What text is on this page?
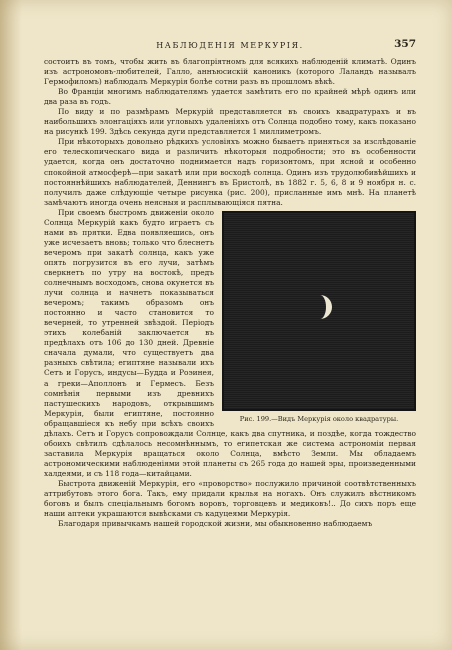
НАБЛЮДЕНІЯ МЕРКУРІЯ.	357

состоитъ въ томъ, чтобы жить въ благопріятномъ для всякихъ наблюденій климатѣ. Одинъ изъ астрономовъ-любителей, Галло, аннъюсискій каноникъ (которого Лаландъ называлъ Гермофиломъ) наблюдалъ Меркурія болѣе сотни разъ въ прошломъ вѣкѣ.

Во Франціи многимъ наблюдателямъ удается замѣтить его по крайней мѣрѣ одинъ или два раза въ годъ.

По виду и по размѣрамъ Меркурій представляется въ своихъ квадратурахъ и въ наибольшихъ элонгаціяхъ или угловыхъ удаленіяхъ отъ Солнца подобно тому, какъ показано на рисункѣ 199. Здѣсь секунда дуги представляется 1 миллиметромъ.

При нѣкоторыхъ довольно рѣдкихъ условіяхъ можно бываетъ приняться за изслѣдованіе его телескопическаго вида и различить нѣкоторыя подробности; это въ особенности удается, когда онъ достаточно поднимается надъ горизонтомъ, при ясной и особенно спокойной атмосферѣ—при закатѣ или при восходѣ солнца. Одинъ изъ трудолюбивѣйшихъ и постояннѣйшихъ наблюдателей, Деннингъ въ Бристолѣ, въ 1882 г. 5, 6, 8 и 9 ноября н. с. получилъ даже слѣдующіе четыре рисунка (рис. 200), присланные имъ мнѣ. На планетѣ замѣчаютъ иногда очень неясныя и расплывающіяся пятна.

Рис. 199.—Видъ Меркурія около квадратуры.

При своемъ быстромъ движеніи около Солнца Меркурій какъ будто играетъ съ нами въ прятки. Едва появляешись, онъ уже исчезаетъ вновь; только что блеснетъ вечеромъ при закатѣ солнца, какъ уже опять погрузится въ его лучи, затѣмъ сверкнетъ по утру на востокѣ, предъ солнечнымъ восходомъ, снова окунется въ лучи солнца и начнетъ показываться вечеромъ; такимъ образомъ онъ постоянно и часто становится то вечерней, то утренней звѣздой. Періодъ этихъ колебаній заключается въ предѣлахъ отъ 106 до 130 дней. Древніе сначала думали, что существуетъ два разныхъ свѣтила; египтяне называли ихъ Сетъ и Горусъ, индусы—Будда и Роэинея, а греки—Аполлонъ и Гермесъ. Безъ сомнѣнія первыми изъ древнихъ пастушескихъ народовъ, открывшимъ Меркурія, были египтяне, постоянно обращавшіеся къ небу при всѣхъ своихъ дѣлахъ. Сетъ и Горусъ сопровождали Солнце, какъ два спутника, и поздѣе, когда тождество обоихъ свѣтилъ сдѣлалось несомнѣннымъ, то египетская же система астрономіи первая заставила Меркурія вращаться около Солнца, вмѣсто Земли. Мы обладаемъ астрономическими наблюденіями этой планеты съ 265 года до нашей эры, произведенными халдеями, и съ 118 года—китайцами.

Быстрота движеній Меркурія, его «проворство» послужило причиной соотвѣтственныхъ аттрибутовъ этого бога. Такъ, ему придали крылья на ногахъ. Онъ служилъ вѣстникомъ боговъ и былъ спеціальнымъ богомъ воровъ, торговцевъ и медиковъ!.. До сихъ поръ еще наши аптеки украшаются вывѣсками съ кадуцеями Меркурія.

Благодаря привычкамъ нашей городской жизни, мы обыкновенно наблюдаемъ
